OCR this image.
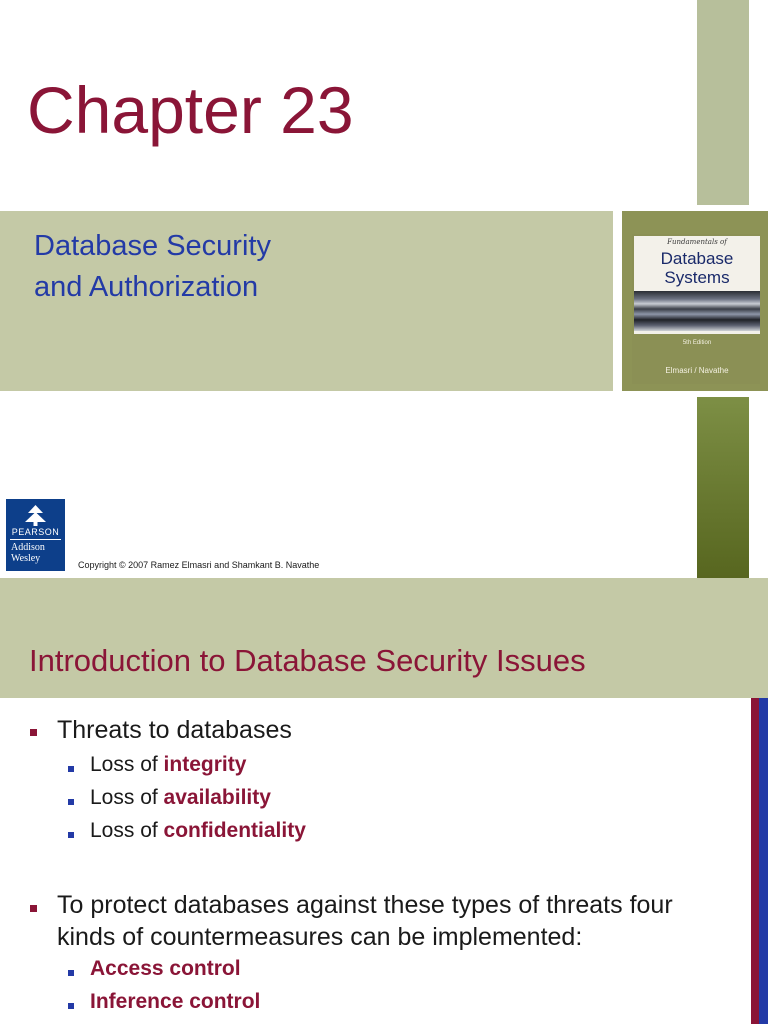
Chapter 23
Database Security
and Authorization
Fundamentals of
Database
Systems
5th Edition
Elmasri / Navathe
PEARSON
Addison
Wesley
Copyright © 2007 Ramez Elmasri and Shamkant B. Navathe
Introduction to Database Security Issues
Threats to databases
Loss of integrity
Loss of availability
Loss of confidentiality
To protect databases against these types of threats four
kinds of countermeasures can be implemented:
Access control
Inference control
